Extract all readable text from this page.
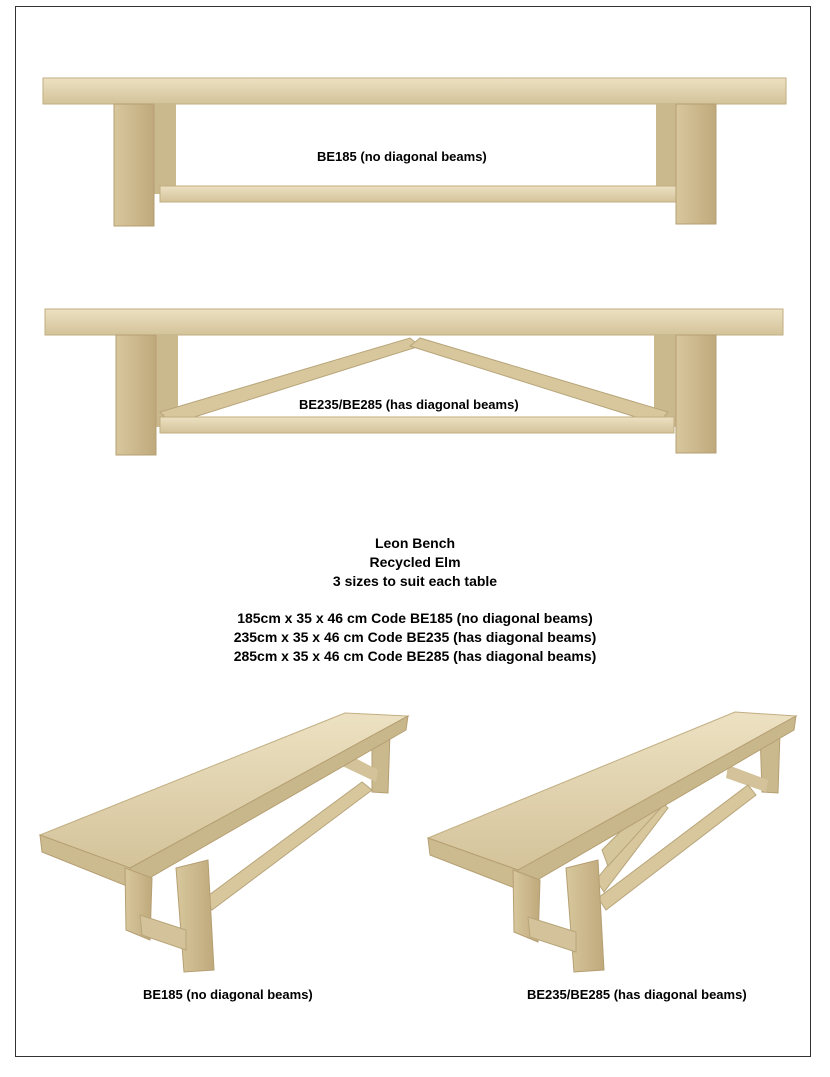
BE185 (no diagonal beams)
BE235/BE285 (has diagonal beams)
Leon Bench
Recycled Elm
3 sizes to suit each table
185cm x 35 x 46 cm Code BE185 (no diagonal beams)
235cm x 35 x 46 cm Code BE235 (has diagonal beams)
285cm x 35 x 46 cm Code BE285 (has diagonal beams)
BE185 (no diagonal beams)	BE235/BE285 (has diagonal beams)
